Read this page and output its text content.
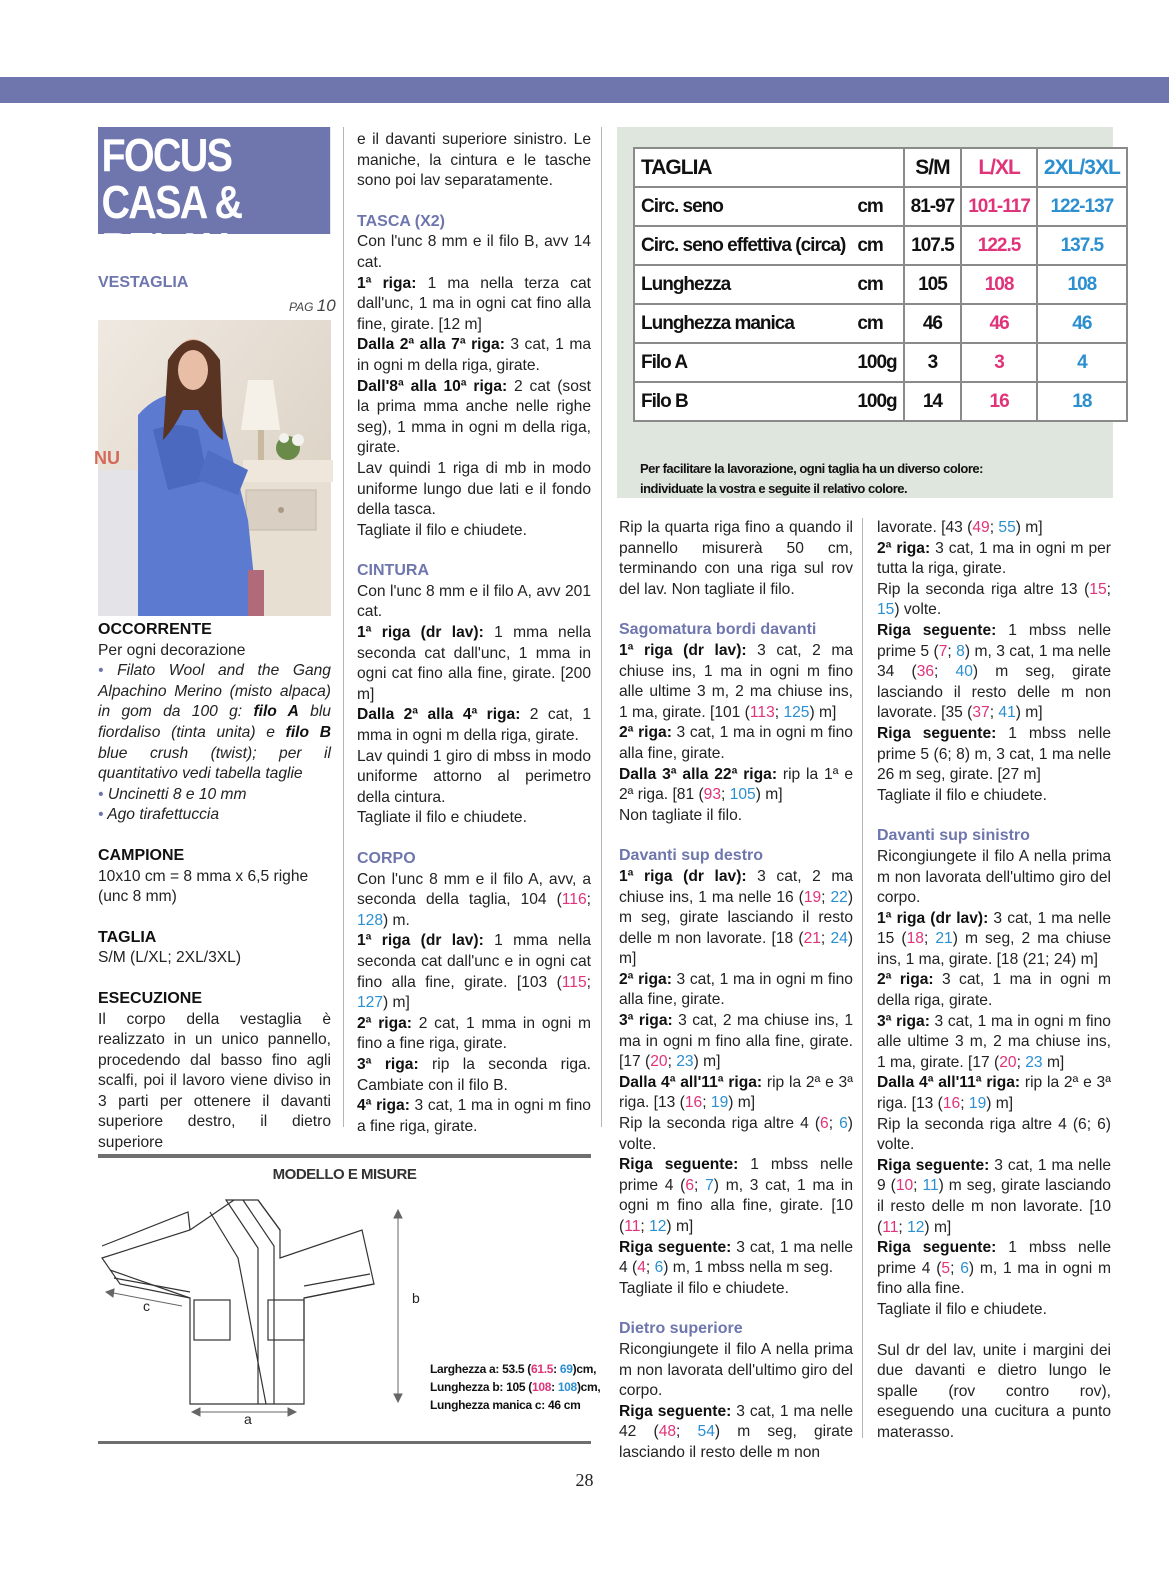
FOCUS
CASA & RELAX
VESTAGLIA
PAG 10
NU

OCCORRENTE

Per ogni decorazione

• Filato Wool and the Gang Alpachino Merino (misto alpaca) in gom da 100 g: filo A blu fiordaliso (tinta unita) e filo B blue crush (twist); per il quantitativo vedi tabella taglie

• Uncinetti 8 e 10 mm

• Ago tirafettuccia

CAMPIONE

10x10 cm = 8 mma x 6,5 righe (unc 8 mm)

TAGLIA

S/M (L/XL; 2XL/3XL)

ESECUZIONE

Il corpo della vestaglia è realizzato in un unico pannello, procedendo dal basso fino agli scalfi, poi il lavoro viene diviso in 3 parti per ottenere il davanti superiore destro, il dietro superiore

e il davanti superiore sinistro. Le maniche, la cintura e le tasche sono poi lav separatamente.

TASCA (X2)

Con l'unc 8 mm e il filo B, avv 14 cat.

1ª riga: 1 ma nella terza cat dall'unc, 1 ma in ogni cat fino alla fine, girate. [12 m]

Dalla 2ª alla 7ª riga: 3 cat, 1 ma in ogni m della riga, girate.

Dall'8ª alla 10ª riga: 2 cat (sost la prima mma anche nelle righe seg), 1 mma in ogni m della riga, girate.

Lav quindi 1 riga di mb in modo uniforme lungo due lati e il fondo della tasca.

Tagliate il filo e chiudete.

CINTURA

Con l'unc 8 mm e il filo A, avv 201 cat.

1ª riga (dr lav): 1 mma nella seconda cat dall'unc, 1 mma in ogni cat fino alla fine, girate. [200 m]

Dalla 2ª alla 4ª riga: 2 cat, 1 mma in ogni m della riga, girate.

Lav quindi 1 giro di mbss in modo uniforme attorno al perimetro della cintura.

Tagliate il filo e chiudete.

CORPO

Con l'unc 8 mm e il filo A, avv, a seconda della taglia, 104 (116; 128) m.

1ª riga (dr lav): 1 mma nella seconda cat dall'unc e in ogni cat fino alla fine, girate. [103 (115; 127) m]

2ª riga: 2 cat, 1 mma in ogni m fino a fine riga, girate.

3ª riga: rip la seconda riga. Cambiate con il filo B.

4ª riga: 3 cat, 1 ma in ogni m fino a fine riga, girate.

TAGLIA		S/M	L/XL	2XL/3XL
Circ. seno	cm	81-97	101-117	122-137
Circ. seno effettiva (circa)	cm	107.5	122.5	137.5
Lunghezza	cm	105	108	108
Lunghezza manica	cm	46	46	46
Filo A	100g	3	3	4
Filo B	100g	14	16	18
Per facilitare la lavorazione, ogni taglia ha un diverso colore:
individuate la vostra e seguite il relativo colore.

Rip la quarta riga fino a quando il pannello misurerà 50 cm, terminando con una riga sul rov del lav. Non tagliate il filo.

Sagomatura bordi davanti

1ª riga (dr lav): 3 cat, 2 ma chiuse ins, 1 ma in ogni m fino alle ultime 3 m, 2 ma chiuse ins, 1 ma, girate. [101 (113; 125) m]

2ª riga: 3 cat, 1 ma in ogni m fino alla fine, girate.

Dalla 3ª alla 22ª riga: rip la 1ª e 2ª riga. [81 (93; 105) m]

Non tagliate il filo.

Davanti sup destro

1ª riga (dr lav): 3 cat, 2 ma chiuse ins, 1 ma nelle 16 (19; 22) m seg, girate lasciando il resto delle m non lavorate. [18 (21; 24) m]

2ª riga: 3 cat, 1 ma in ogni m fino alla fine, girate.

3ª riga: 3 cat, 2 ma chiuse ins, 1 ma in ogni m fino alla fine, girate. [17 (20; 23) m]

Dalla 4ª all'11ª riga: rip la 2ª e 3ª riga. [13 (16; 19) m]

Rip la seconda riga altre 4 (6; 6) volte.

Riga seguente: 1 mbss nelle prime 4 (6; 7) m, 3 cat, 1 ma in ogni m fino alla fine, girate. [10 (11; 12) m]

Riga seguente: 3 cat, 1 ma nelle 4 (4; 6) m, 1 mbss nella m seg.

Tagliate il filo e chiudete.

Dietro superiore

Ricongiungete il filo A nella prima m non lavorata dell'ultimo giro del corpo.

Riga seguente: 3 cat, 1 ma nelle 42 (48; 54) m seg, girate lasciando il resto delle m non

lavorate. [43 (49; 55) m]

2ª riga: 3 cat, 1 ma in ogni m per tutta la riga, girate.

Rip la seconda riga altre 13 (15; 15) volte.

Riga seguente: 1 mbss nelle prime 5 (7; 8) m, 3 cat, 1 ma nelle 34 (36; 40) m seg, girate lasciando il resto delle m non lavorate. [35 (37; 41) m]

Riga seguente: 1 mbss nelle prime 5 (6; 8) m, 3 cat, 1 ma nelle 26 m seg, girate. [27 m]

Tagliate il filo e chiudete.

Davanti sup sinistro

Ricongiungete il filo A nella prima m non lavorata dell'ultimo giro del corpo.

1ª riga (dr lav): 3 cat, 1 ma nelle 15 (18; 21) m seg, 2 ma chiuse ins, 1 ma, girate. [18 (21; 24) m]

2ª riga: 3 cat, 1 ma in ogni m della riga, girate.

3ª riga: 3 cat, 1 ma in ogni m fino alle ultime 3 m, 2 ma chiuse ins, 1 ma, girate. [17 (20; 23 m]

Dalla 4ª all'11ª riga: rip la 2ª e 3ª riga. [13 (16; 19) m]

Rip la seconda riga altre 4 (6; 6) volte.

Riga seguente: 3 cat, 1 ma nelle 9 (10; 11) m seg, girate lasciando il resto delle m non lavorate. [10 (11; 12) m]

Riga seguente: 1 mbss nelle prime 4 (5; 6) m, 1 ma in ogni m fino alla fine.

Tagliate il filo e chiudete.

Sul dr del lav, unite i margini dei due davanti e dietro lungo le spalle (rov contro rov), eseguendo una cucitura a punto materasso.

MODELLO E MISURE
c	b
a
Larghezza a: 53.5 (61.5: 69)cm,
Lunghezza b: 105 (108: 108)cm,
Lunghezza manica c: 46 cm
28
